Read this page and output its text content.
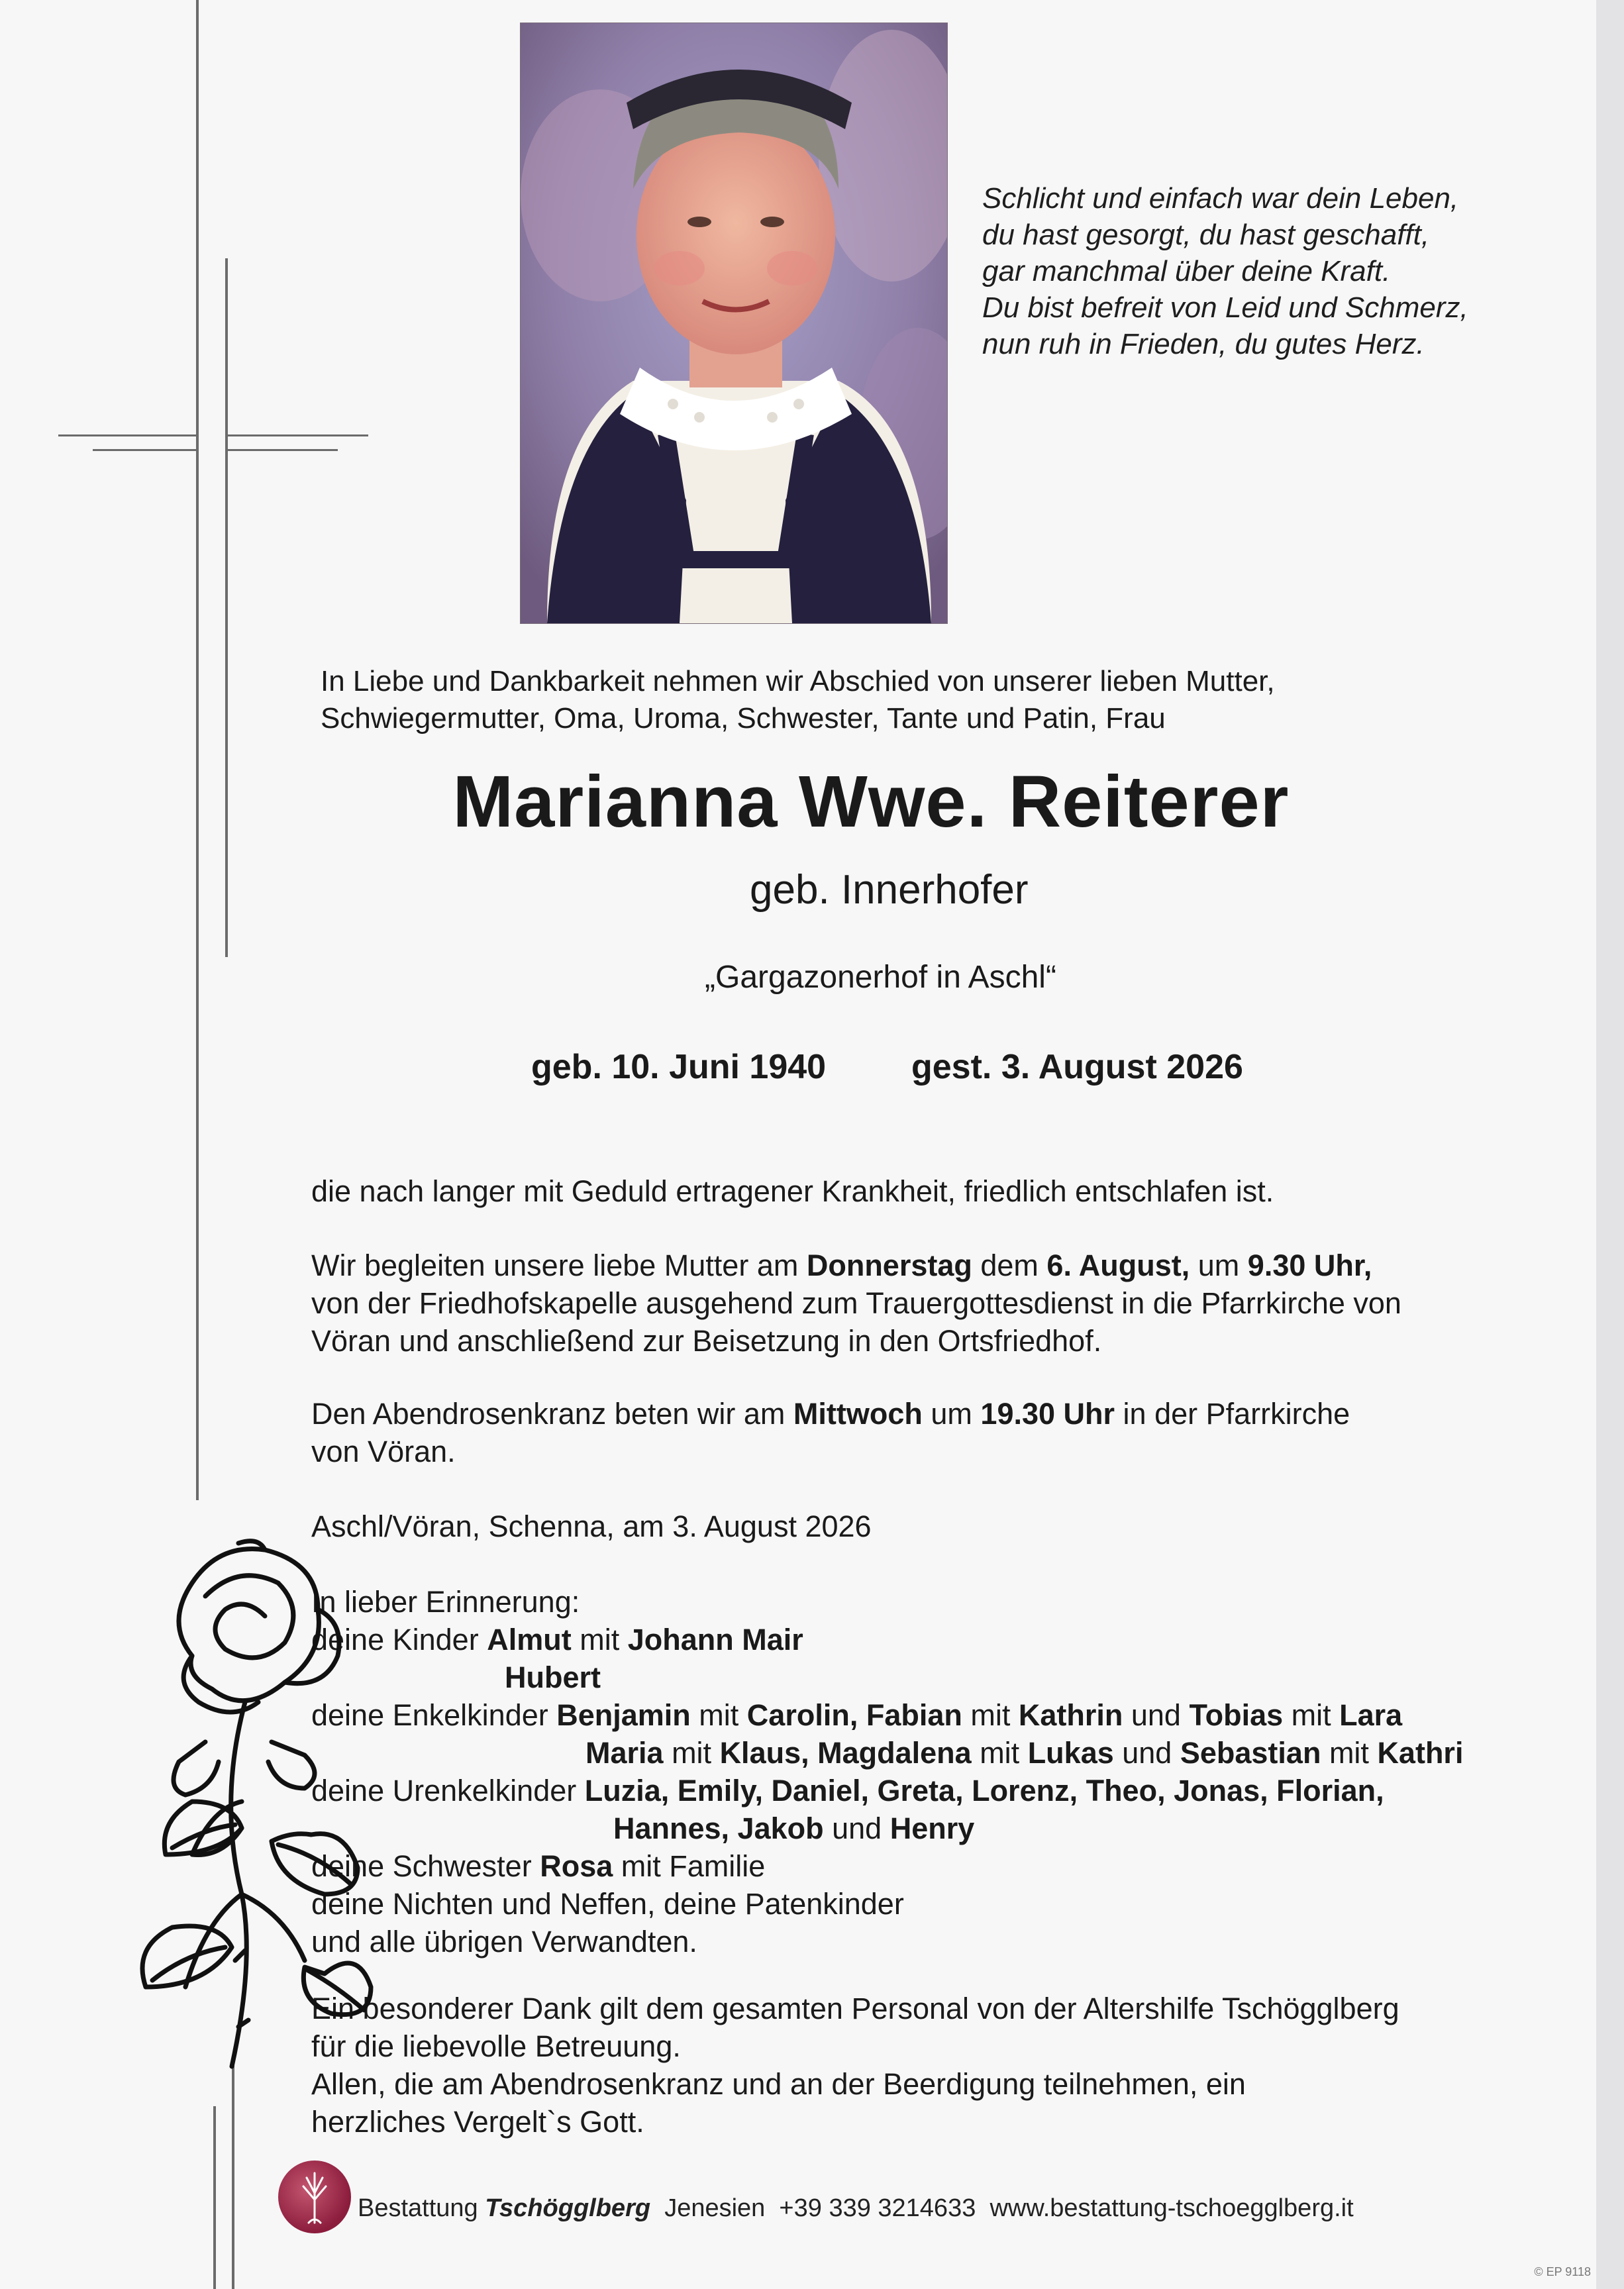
Schlicht und einfach war dein Leben,
du hast gesorgt, du hast geschafft,
gar manchmal über deine Kraft.
Du bist befreit von Leid und Schmerz,
nun ruh in Frieden, du gutes Herz.
In Liebe und Dankbarkeit nehmen wir Abschied von unserer lieben Mutter,
Schwiegermutter, Oma, Uroma, Schwester, Tante und Patin, Frau
Marianna Wwe. Reiterer
geb. Innerhofer
„Gargazonerhof in Aschl“
geb. 10. Juni 1940 gest. 3. August 2026
die nach langer mit Geduld ertragener Krankheit, friedlich entschlafen ist.
Wir begleiten unsere liebe Mutter am Donnerstag dem 6. August, um 9.30 Uhr,
von der Friedhofskapelle ausgehend zum Trauergottesdienst in die Pfarrkirche von
Vöran und anschließend zur Beisetzung in den Ortsfriedhof.
Den Abendrosenkranz beten wir am Mittwoch um 19.30 Uhr in der Pfarrkirche
von Vöran.
Aschl/Vöran, Schenna, am 3. August 2026
In lieber Erinnerung:
deine Kinder Almut mit Johann Mair
Hubert
deine Enkelkinder Benjamin mit Carolin, Fabian mit Kathrin und Tobias mit Lara
Maria mit Klaus, Magdalena mit Lukas und Sebastian mit Kathri
deine Urenkelkinder Luzia, Emily, Daniel, Greta, Lorenz, Theo, Jonas, Florian,
Hannes, Jakob und Henry
deine Schwester Rosa mit Familie
deine Nichten und Neffen, deine Patenkinder
und alle übrigen Verwandten.
Ein besonderer Dank gilt dem gesamten Personal von der Altershilfe Tschögglberg
für die liebevolle Betreuung.
Allen, die am Abendrosenkranz und an der Beerdigung teilnehmen, ein
herzliches Vergelt`s Gott.
Bestattung Tschögglberg  Jenesien  +39 339 3214633  www.bestattung-tschoegglberg.it
© EP 9118
